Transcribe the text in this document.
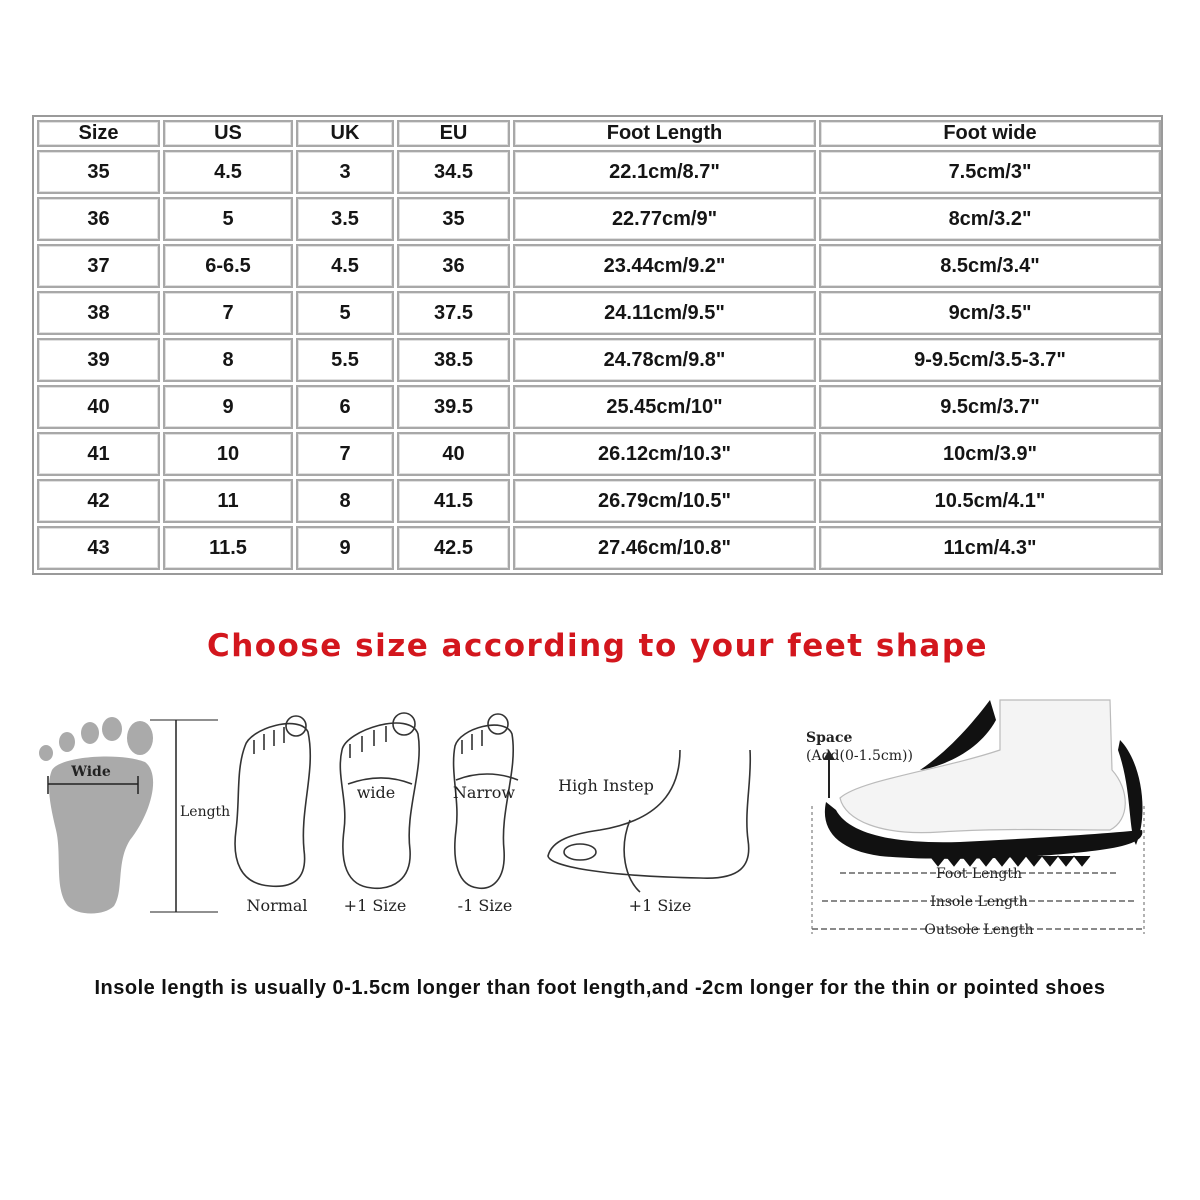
Size	US	UK	EU	Foot Length	Foot wide
35	4.5	3	34.5	22.1cm/8.7"	7.5cm/3"
36	5	3.5	35	22.77cm/9"	8cm/3.2"
37	6-6.5	4.5	36	23.44cm/9.2"	8.5cm/3.4"
38	7	5	37.5	24.11cm/9.5"	9cm/3.5"
39	8	5.5	38.5	24.78cm/9.8"	9-9.5cm/3.5-3.7"
40	9	6	39.5	25.45cm/10"	9.5cm/3.7"
41	10	7	40	26.12cm/10.3"	10cm/3.9"
42	11	8	41.5	26.79cm/10.5"	10.5cm/4.1"
43	11.5	9	42.5	27.46cm/10.8"	11cm/4.3"
Choose size according to your feet shape
Wide
Length
Normal
wide
+1 Size
Narrow
-1 Size
High Instep
+1 Size
Space
(Add(0-1.5cm))
Foot Length
Insole Length
Outsole Length
Insole length is usually 0-1.5cm longer than foot length,and -2cm longer for the thin or pointed shoes
